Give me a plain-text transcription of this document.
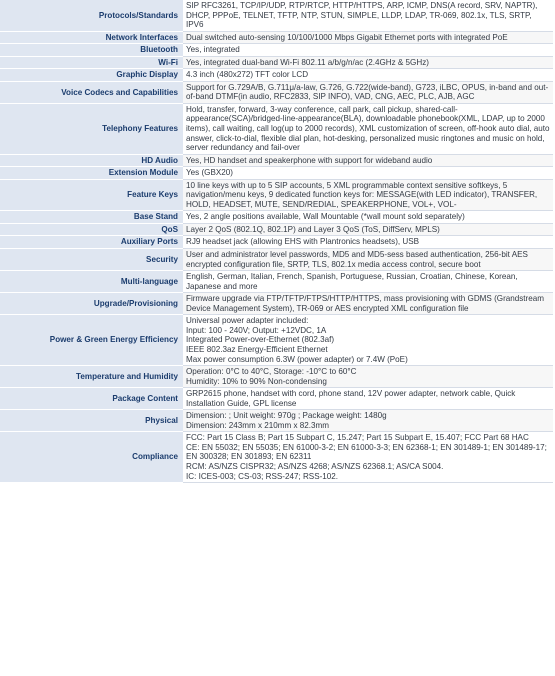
Protocols/Standards	SIP RFC3261, TCP/IP/UDP, RTP/RTCP, HTTP/HTTPS, ARP, ICMP, DNS(A record, SRV, NAPTR), DHCP, PPPoE, TELNET, TFTP, NTP, STUN, SIMPLE, LLDP, LDAP, TR-069, 802.1x, TLS, SRTP, IPV6

Network Interfaces	Dual switched auto-sensing 10/100/1000 Mbps Gigabit Ethernet ports with integrated PoE

Bluetooth	Yes, integrated

Wi-Fi	Yes, integrated dual-band Wi-Fi 802.11 a/b/g/n/ac (2.4GHz & 5GHz)

Graphic Display	4.3 inch (480x272) TFT color LCD

Voice Codecs and Capabilities	Support for G.729A/B, G.711μ/a-law, G.726, G.722(wide-band), G723, iLBC, OPUS, in-band and out-of-band DTMF(in audio, RFC2833, SIP INFO), VAD, CNG, AEC, PLC, AJB, AGC

Telephony Features	Hold, transfer, forward, 3-way conference, call park, call pickup, shared-call-appearance(SCA)/bridged-line-appearance(BLA), downloadable phonebook(XML, LDAP, up to 2000 items), call waiting, call log(up to 2000 records), XML customization of screen, off-hook auto dial, auto answer, click-to-dial, flexible dial plan, hot-desking, personalized music ringtones and music on hold, server redundancy and fail-over

HD Audio	Yes, HD handset and speakerphone with support for wideband audio

Extension Module	Yes (GBX20)

Feature Keys	10 line keys with up to 5 SIP accounts, 5 XML programmable context sensitive softkeys, 5 navigation/menu keys, 9 dedicated function keys for: MESSAGE(with LED indicator), TRANSFER, HOLD, HEADSET, MUTE, SEND/REDIAL, SPEAKERPHONE, VOL+, VOL-

Base Stand	Yes, 2 angle positions available, Wall Mountable (*wall mount sold separately)

QoS	Layer 2 QoS (802.1Q, 802.1P) and Layer 3 QoS (ToS, DiffServ, MPLS)

Auxiliary Ports	RJ9 headset jack (allowing EHS with Plantronics headsets), USB

Security	User and administrator level passwords, MD5 and MD5-sess based authentication, 256-bit AES encrypted configuration file, SRTP, TLS, 802.1x media access control, secure boot

Multi-language	English, German, Italian, French, Spanish, Portuguese, Russian, Croatian, Chinese, Korean, Japanese and more

Upgrade/Provisioning	Firmware upgrade via FTP/TFTP/FTPS/HTTP/HTTPS, mass provisioning with GDMS (Grandstream Device Management System), TR-069 or AES encrypted XML configuration file

Power & Green Energy Efficiency	Universal power adapter included:
Input: 100 - 240V; Output: +12VDC, 1A
Integrated Power-over-Ethernet (802.3af)
IEEE 802.3az Energy-Efficient Ethernet
Max power consumption 6.3W (power adapter) or 7.4W (PoE)

Temperature and Humidity	Operation: 0°C to 40°C, Storage: -10°C to 60°C
Humidity: 10% to 90% Non-condensing

Package Content	GRP2615 phone, handset with cord, phone stand, 12V power adapter, network cable, Quick Installation Guide, GPL license

Physical	Dimension: ; Unit weight: 970g ; Package weight: 1480g
Dimension: 243mm x 210mm x 82.3mm

Compliance	FCC: Part 15 Class B; Part 15 Subpart C, 15.247; Part 15 Subpart E, 15.407; FCC Part 68 HAC
CE: EN 55032; EN 55035; EN 61000-3-2; EN 61000-3-3; EN 62368-1; EN 301489-1; EN 301489-17; EN 300328; EN 301893; EN 62311
RCM: AS/NZS CISPR32; AS/NZS 4268; AS/NZS 62368.1; AS/CA S004.
IC: ICES-003; CS-03; RSS-247; RSS-102.
